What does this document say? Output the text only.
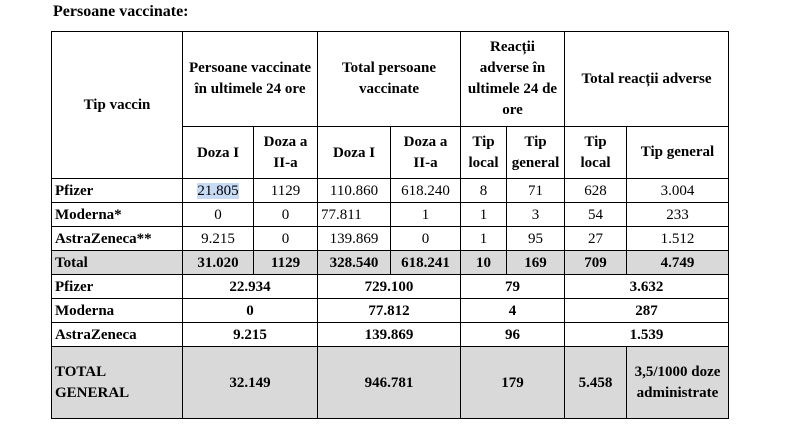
Persoane vaccinate:
Tip vaccin	Persoane vaccinate în ultimele 24 ore		Total persoane vaccinate		Reacții adverse în ultimele 24 de ore		Total reacții adverse	
	Doza I	Doza a II-a	Doza I	Doza a II-a	Tip local	Tip general	Tip local	Tip general
Pfizer	21.805	1129	110.860	618.240	8	71	628	3.004
Moderna*	0	0	77.811	1	1	3	54	233
AstraZeneca**	9.215	0	139.869	0	1	95	27	1.512
Total	31.020	1129	328.540	618.241	10	169	709	4.749
Pfizer	22.934		729.100		79		3.632	
Moderna	0		77.812		4		287	
AstraZeneca	9.215		139.869		96		1.539	
TOTAL GENERAL	32.149		946.781		179		5.458	3,5/1000 doze administrate
